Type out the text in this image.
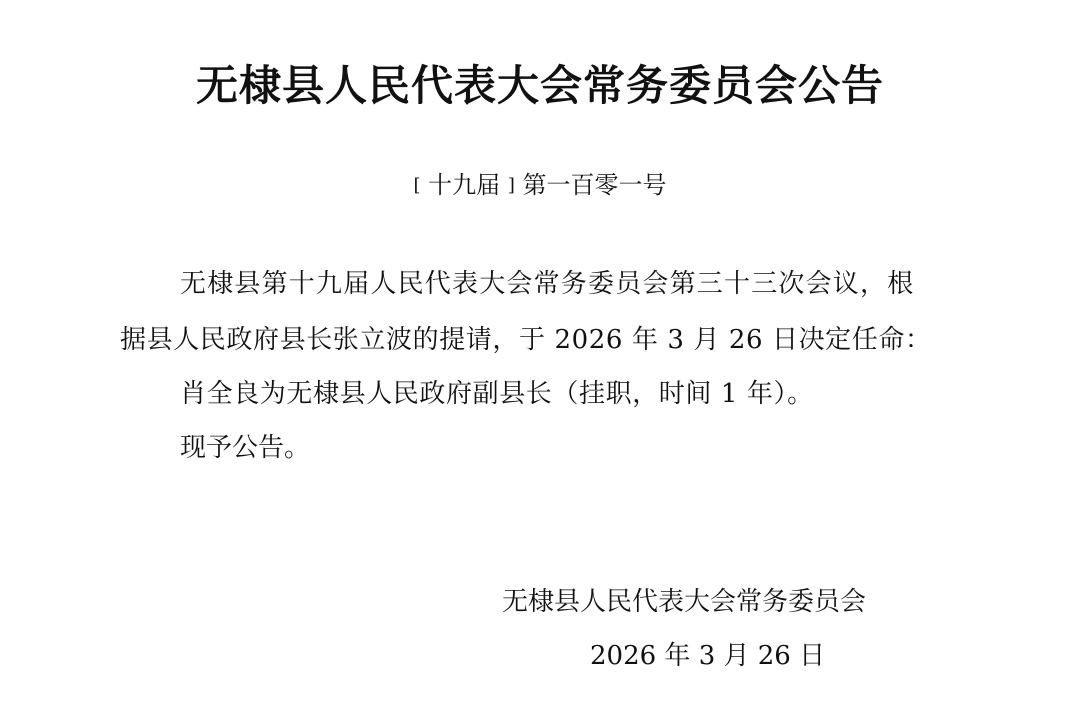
无棣县人民代表大会常务委员会公告
[ 十九届 ] 第一百零一号
无棣县第十九届人民代表大会常务委员会第三十三次会议，根
据县人民政府县长张立波的提请，于 2026 年 3 月 26 日决定任命：
肖全良为无棣县人民政府副县长（挂职，时间 1 年）。
现予公告。
无棣县人民代表大会常务委员会
2026 年 3 月 26 日
